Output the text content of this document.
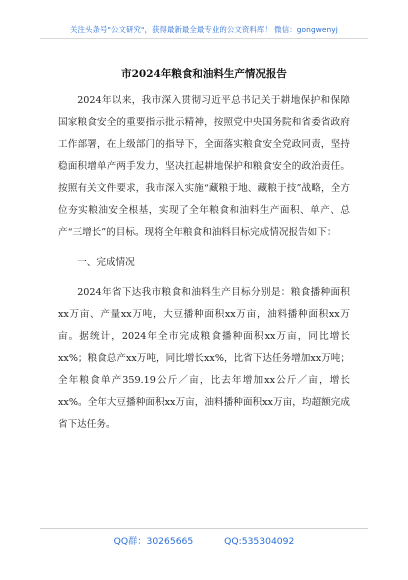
关注头条号"公文研究"，获得最新最全最专业的公文资料库！ 微信：gongwenyj
市2024年粮食和油料生产情况报告

2024年以来，我市深入贯彻习近平总书记关于耕地保护和保障国家粮食安全的重要指示批示精神，按照党中央国务院和省委省政府工作部署，在上级部门的指导下，全面落实粮食安全党政同责，坚持稳面积增单产两手发力，坚决扛起耕地保护和粮食安全的政治责任。按照有关文件要求，我市深入实施“藏粮于地、藏粮于技”战略，全方位夯实粮油安全根基，实现了全年粮食和油料生产面积、单产、总产“三增长”的目标。现将全年粮食和油料目标完成情况报告如下：

一、完成情况

2024年省下达我市粮食和油料生产目标分别是：粮食播种面积xx万亩、产量xx万吨，大豆播种面积xx万亩，油料播种面积xx万亩。据统计，2024年全市完成粮食播种面积xx万亩，同比增长xx%；粮食总产xx万吨，同比增长xx%，比省下达任务增加xx万吨；全年粮食单产359.19公斤／亩，比去年增加xx公斤／亩，增长xx%。全年大豆播种面积xx万亩，油料播种面积xx万亩，均超额完成省下达任务。

QQ群：30265665	QQ:535304092
